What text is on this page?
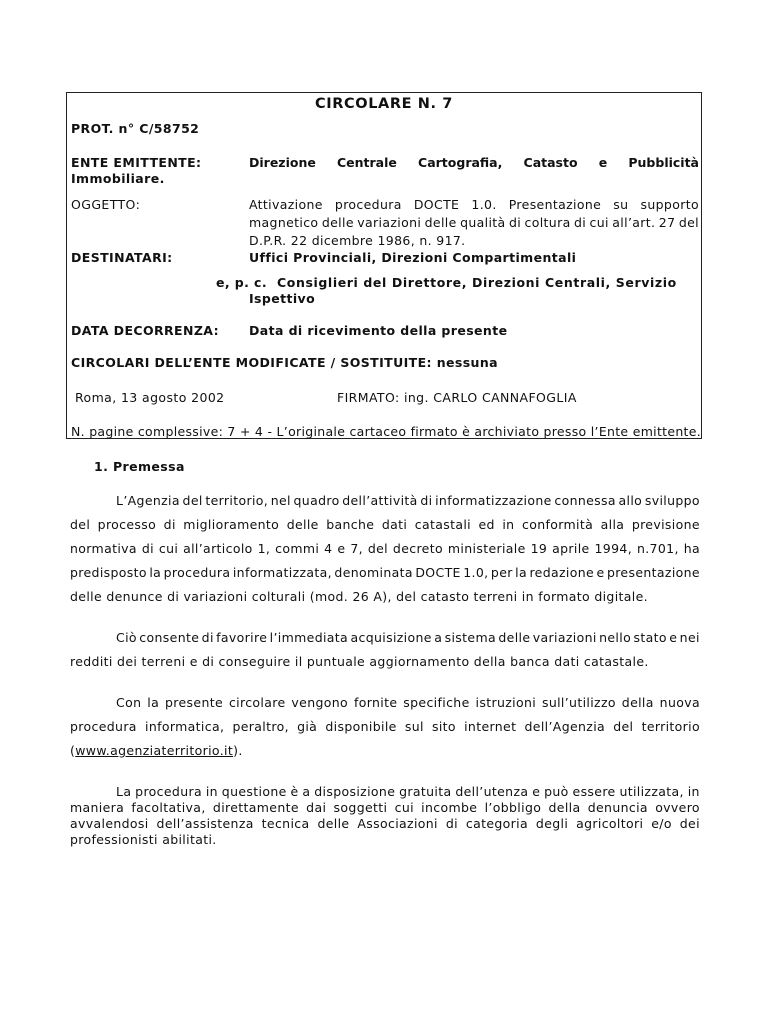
CIRCOLARE N. 7
PROT. n° C/58752
ENTE EMITTENTE:	Direzione Centrale Cartografia, Catasto e Pubblicità
Immobiliare.
OGGETTO:	Attivazione procedura DOCTE 1.0. Presentazione su supporto
magnetico delle variazioni delle qualità di coltura di cui all’art. 27 del
D.P.R. 22 dicembre 1986, n. 917.
DESTINATARI:	Uffici Provinciali, Direzioni Compartimentali
e, p. c. Consiglieri del Direttore, Direzioni Centrali, Servizio
Ispettivo
DATA DECORRENZA: Data di ricevimento della presente
CIRCOLARI DELL’ENTE MODIFICATE / SOSTITUITE: nessuna
Roma, 13 agosto 2002	FIRMATO: ing. CARLO CANNAFOGLIA
N. pagine complessive: 7 + 4 - L’originale cartaceo firmato è archiviato presso l’Ente emittente.
1. Premessa
L’Agenzia del territorio, nel quadro dell’attività di informatizzazione connessa allo sviluppo
del processo di miglioramento delle banche dati catastali ed in conformità alla previsione
normativa di cui all’articolo 1, commi 4 e 7, del decreto ministeriale 19 aprile 1994, n.701, ha
predisposto la procedura informatizzata, denominata DOCTE 1.0, per la redazione e presentazione
delle denunce di variazioni colturali (mod. 26 A), del catasto terreni in formato digitale.
Ciò consente di favorire l’immediata acquisizione a sistema delle variazioni nello stato e nei
redditi dei terreni e di conseguire il puntuale aggiornamento della banca dati catastale.
Con la presente circolare vengono fornite specifiche istruzioni sull’utilizzo della nuova
procedura informatica, peraltro, già disponibile sul sito internet dell’Agenzia del territorio
(www.agenziaterritorio.it).
La procedura in questione è a disposizione gratuita dell’utenza e può essere utilizzata, in
maniera facoltativa, direttamente dai soggetti cui incombe l’obbligo della denuncia ovvero
avvalendosi dell’assistenza tecnica delle Associazioni di categoria degli agricoltori e/o dei
professionisti abilitati.
